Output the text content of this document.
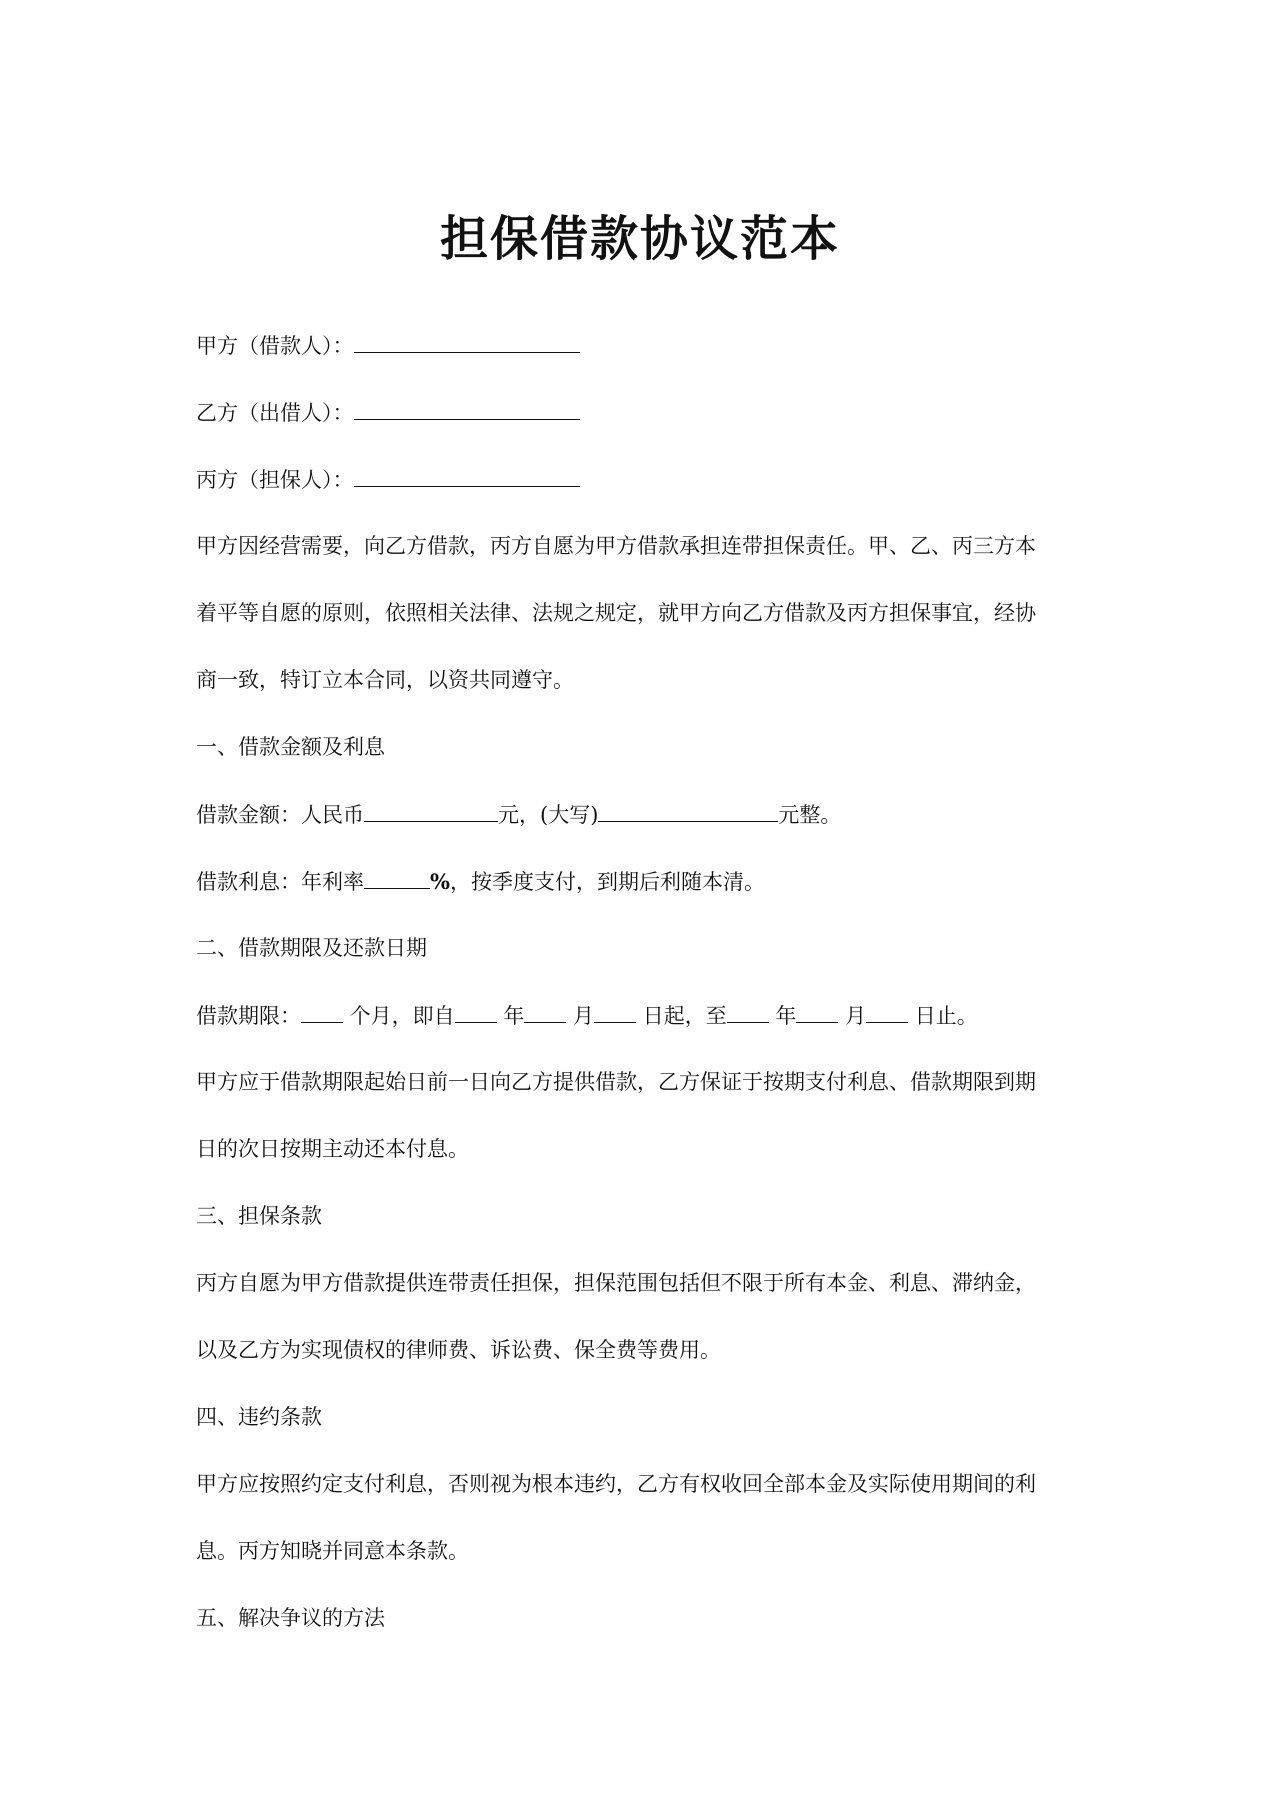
担保借款协议范本

甲方（借款人）：

乙方（出借人）：

丙方（担保人）：

甲方因经营需要，向乙方借款，丙方自愿为甲方借款承担连带担保责任。甲、乙、丙三方本

着平等自愿的原则，依照相关法律、法规之规定，就甲方向乙方借款及丙方担保事宜，经协

商一致，特订立本合同，以资共同遵守。

一、借款金额及利息

借款金额：人民币	元，(大写)	元整。

借款利息：年利率	%，按季度支付，到期后利随本清。

二、借款期限及还款日期

借款期限： 个月，即自 年 月 日起，至 年 月 日止。

甲方应于借款期限起始日前一日向乙方提供借款，乙方保证于按期支付利息、借款期限到期

日的次日按期主动还本付息。

三、担保条款

丙方自愿为甲方借款提供连带责任担保，担保范围包括但不限于所有本金、利息、滞纳金，

以及乙方为实现债权的律师费、诉讼费、保全费等费用。

四、违约条款

甲方应按照约定支付利息，否则视为根本违约，乙方有权收回全部本金及实际使用期间的利

息。丙方知晓并同意本条款。

五、解决争议的方法
